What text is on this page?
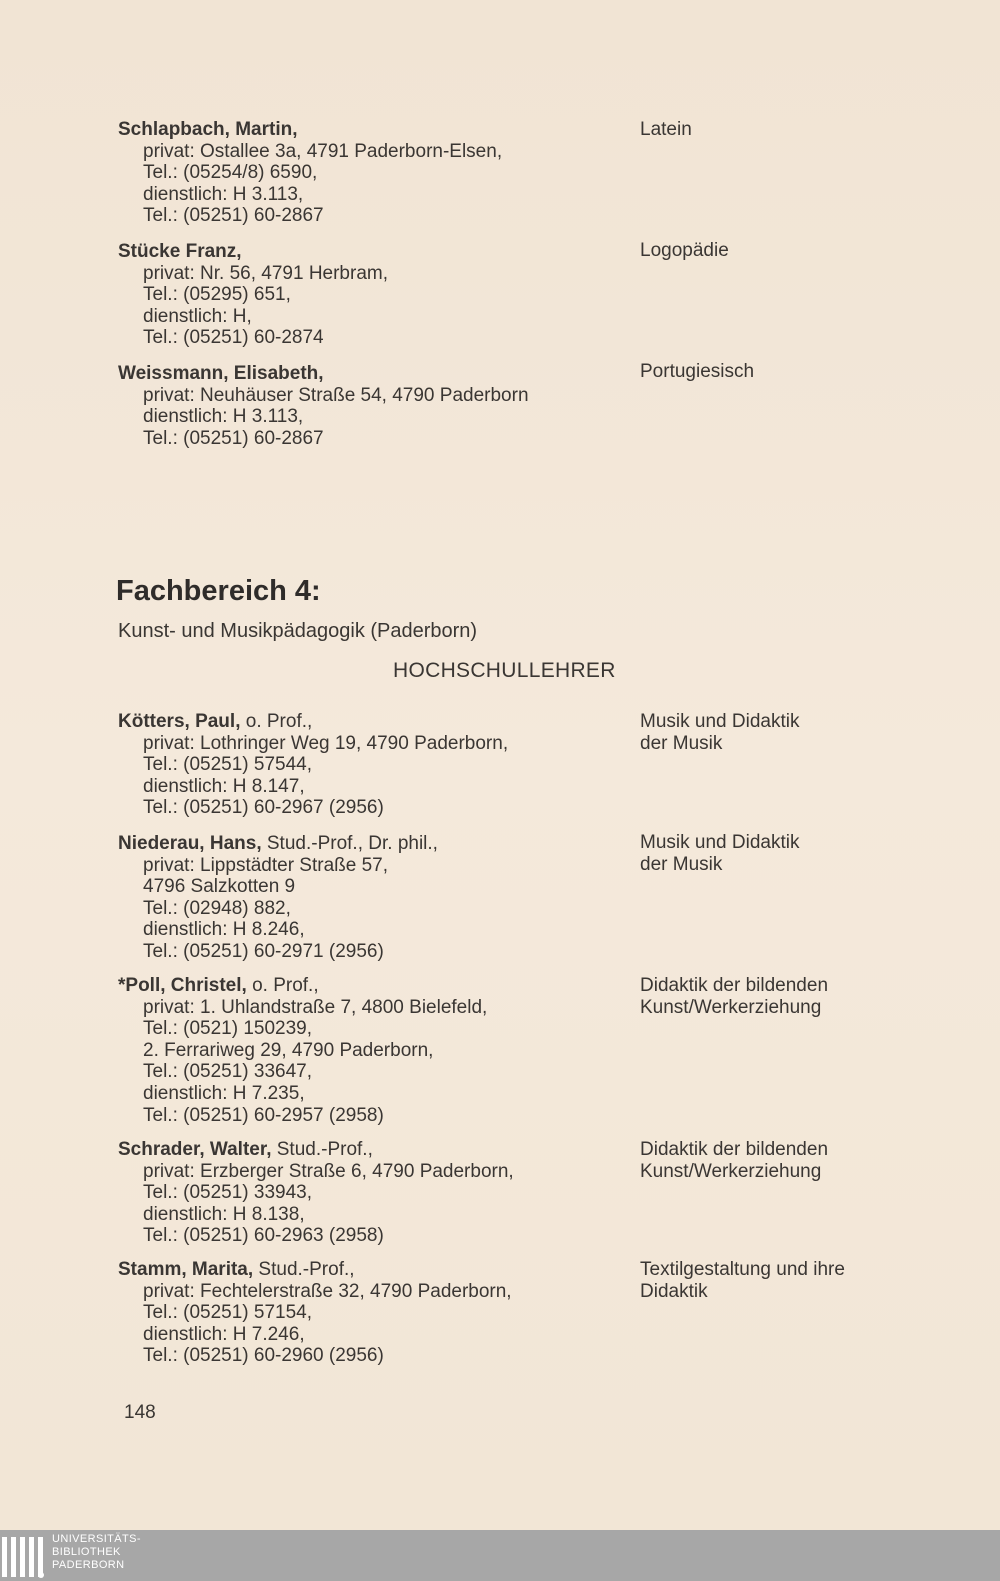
Schlapbach, Martin,
privat: Ostallee 3a, 4791 Paderborn-Elsen,
Tel.: (05254/8) 6590,
dienstlich: H 3.113,
Tel.: (05251) 60-2867
Latein
Stücke Franz,
privat: Nr. 56, 4791 Herbram,
Tel.: (05295) 651,
dienstlich: H,
Tel.: (05251) 60-2874
Logopädie
Weissmann, Elisabeth,
privat: Neuhäuser Straße 54, 4790 Paderborn
dienstlich: H 3.113,
Tel.: (05251) 60-2867
Portugiesisch
Fachbereich 4:
Kunst- und Musikpädagogik (Paderborn)
HOCHSCHULLEHRER
Kötters, Paul, o. Prof.,
privat: Lothringer Weg 19, 4790 Paderborn,
Tel.: (05251) 57544,
dienstlich: H 8.147,
Tel.: (05251) 60-2967 (2956)
Musik und Didaktik
der Musik
Niederau, Hans, Stud.-Prof., Dr. phil.,
privat: Lippstädter Straße 57,
4796 Salzkotten 9
Tel.: (02948) 882,
dienstlich: H 8.246,
Tel.: (05251) 60-2971 (2956)
Musik und Didaktik
der Musik
*Poll, Christel, o. Prof.,
privat: 1. Uhlandstraße 7, 4800 Bielefeld,
Tel.: (0521) 150239,
2. Ferrariweg 29, 4790 Paderborn,
Tel.: (05251) 33647,
dienstlich: H 7.235,
Tel.: (05251) 60-2957 (2958)
Didaktik der bildenden
Kunst/Werkerziehung
Schrader, Walter, Stud.-Prof.,
privat: Erzberger Straße 6, 4790 Paderborn,
Tel.: (05251) 33943,
dienstlich: H 8.138,
Tel.: (05251) 60-2963 (2958)
Didaktik der bildenden
Kunst/Werkerziehung
Stamm, Marita, Stud.-Prof.,
privat: Fechtelerstraße 32, 4790 Paderborn,
Tel.: (05251) 57154,
dienstlich: H 7.246,
Tel.: (05251) 60-2960 (2956)
Textilgestaltung und ihre
Didaktik
148
UNIVERSITÄTS-
BIBLIOTHEK
PADERBORN
